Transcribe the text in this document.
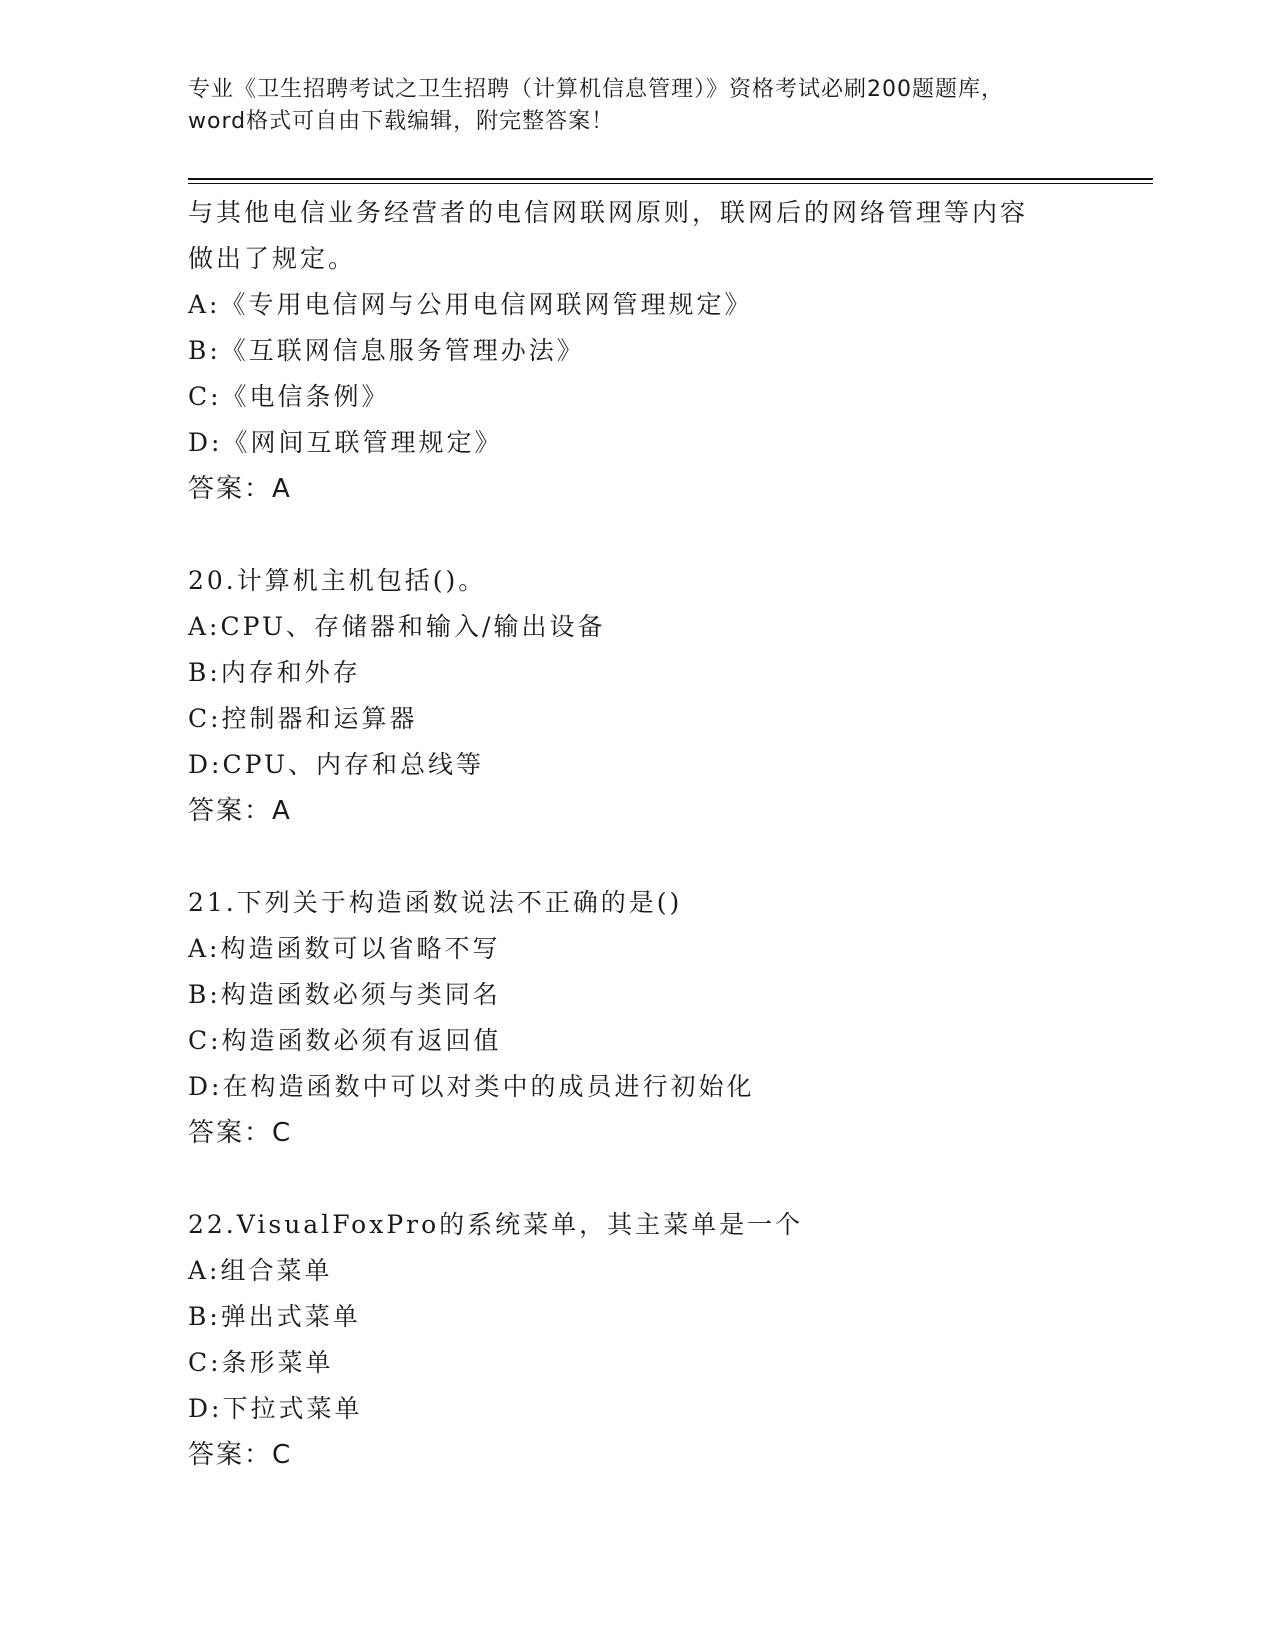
专业《卫生招聘考试之卫生招聘（计算机信息管理）》资格考试必刷200题题库，
word格式可自由下载编辑，附完整答案！
与其他电信业务经营者的电信网联网原则，联网后的网络管理等内容
做出了规定。
A:《专用电信网与公用电信网联网管理规定》
B:《互联网信息服务管理办法》
C:《电信条例》
D:《网间互联管理规定》
答案：A
20.计算机主机包括()。
A:CPU、存储器和输入/输出设备
B:内存和外存
C:控制器和运算器
D:CPU、内存和总线等
答案：A
21.下列关于构造函数说法不正确的是()
A:构造函数可以省略不写
B:构造函数必须与类同名
C:构造函数必须有返回值
D:在构造函数中可以对类中的成员进行初始化
答案：C
22.VisualFoxPro的系统菜单，其主菜单是一个
A:组合菜单
B:弹出式菜单
C:条形菜单
D:下拉式菜单
答案：C
